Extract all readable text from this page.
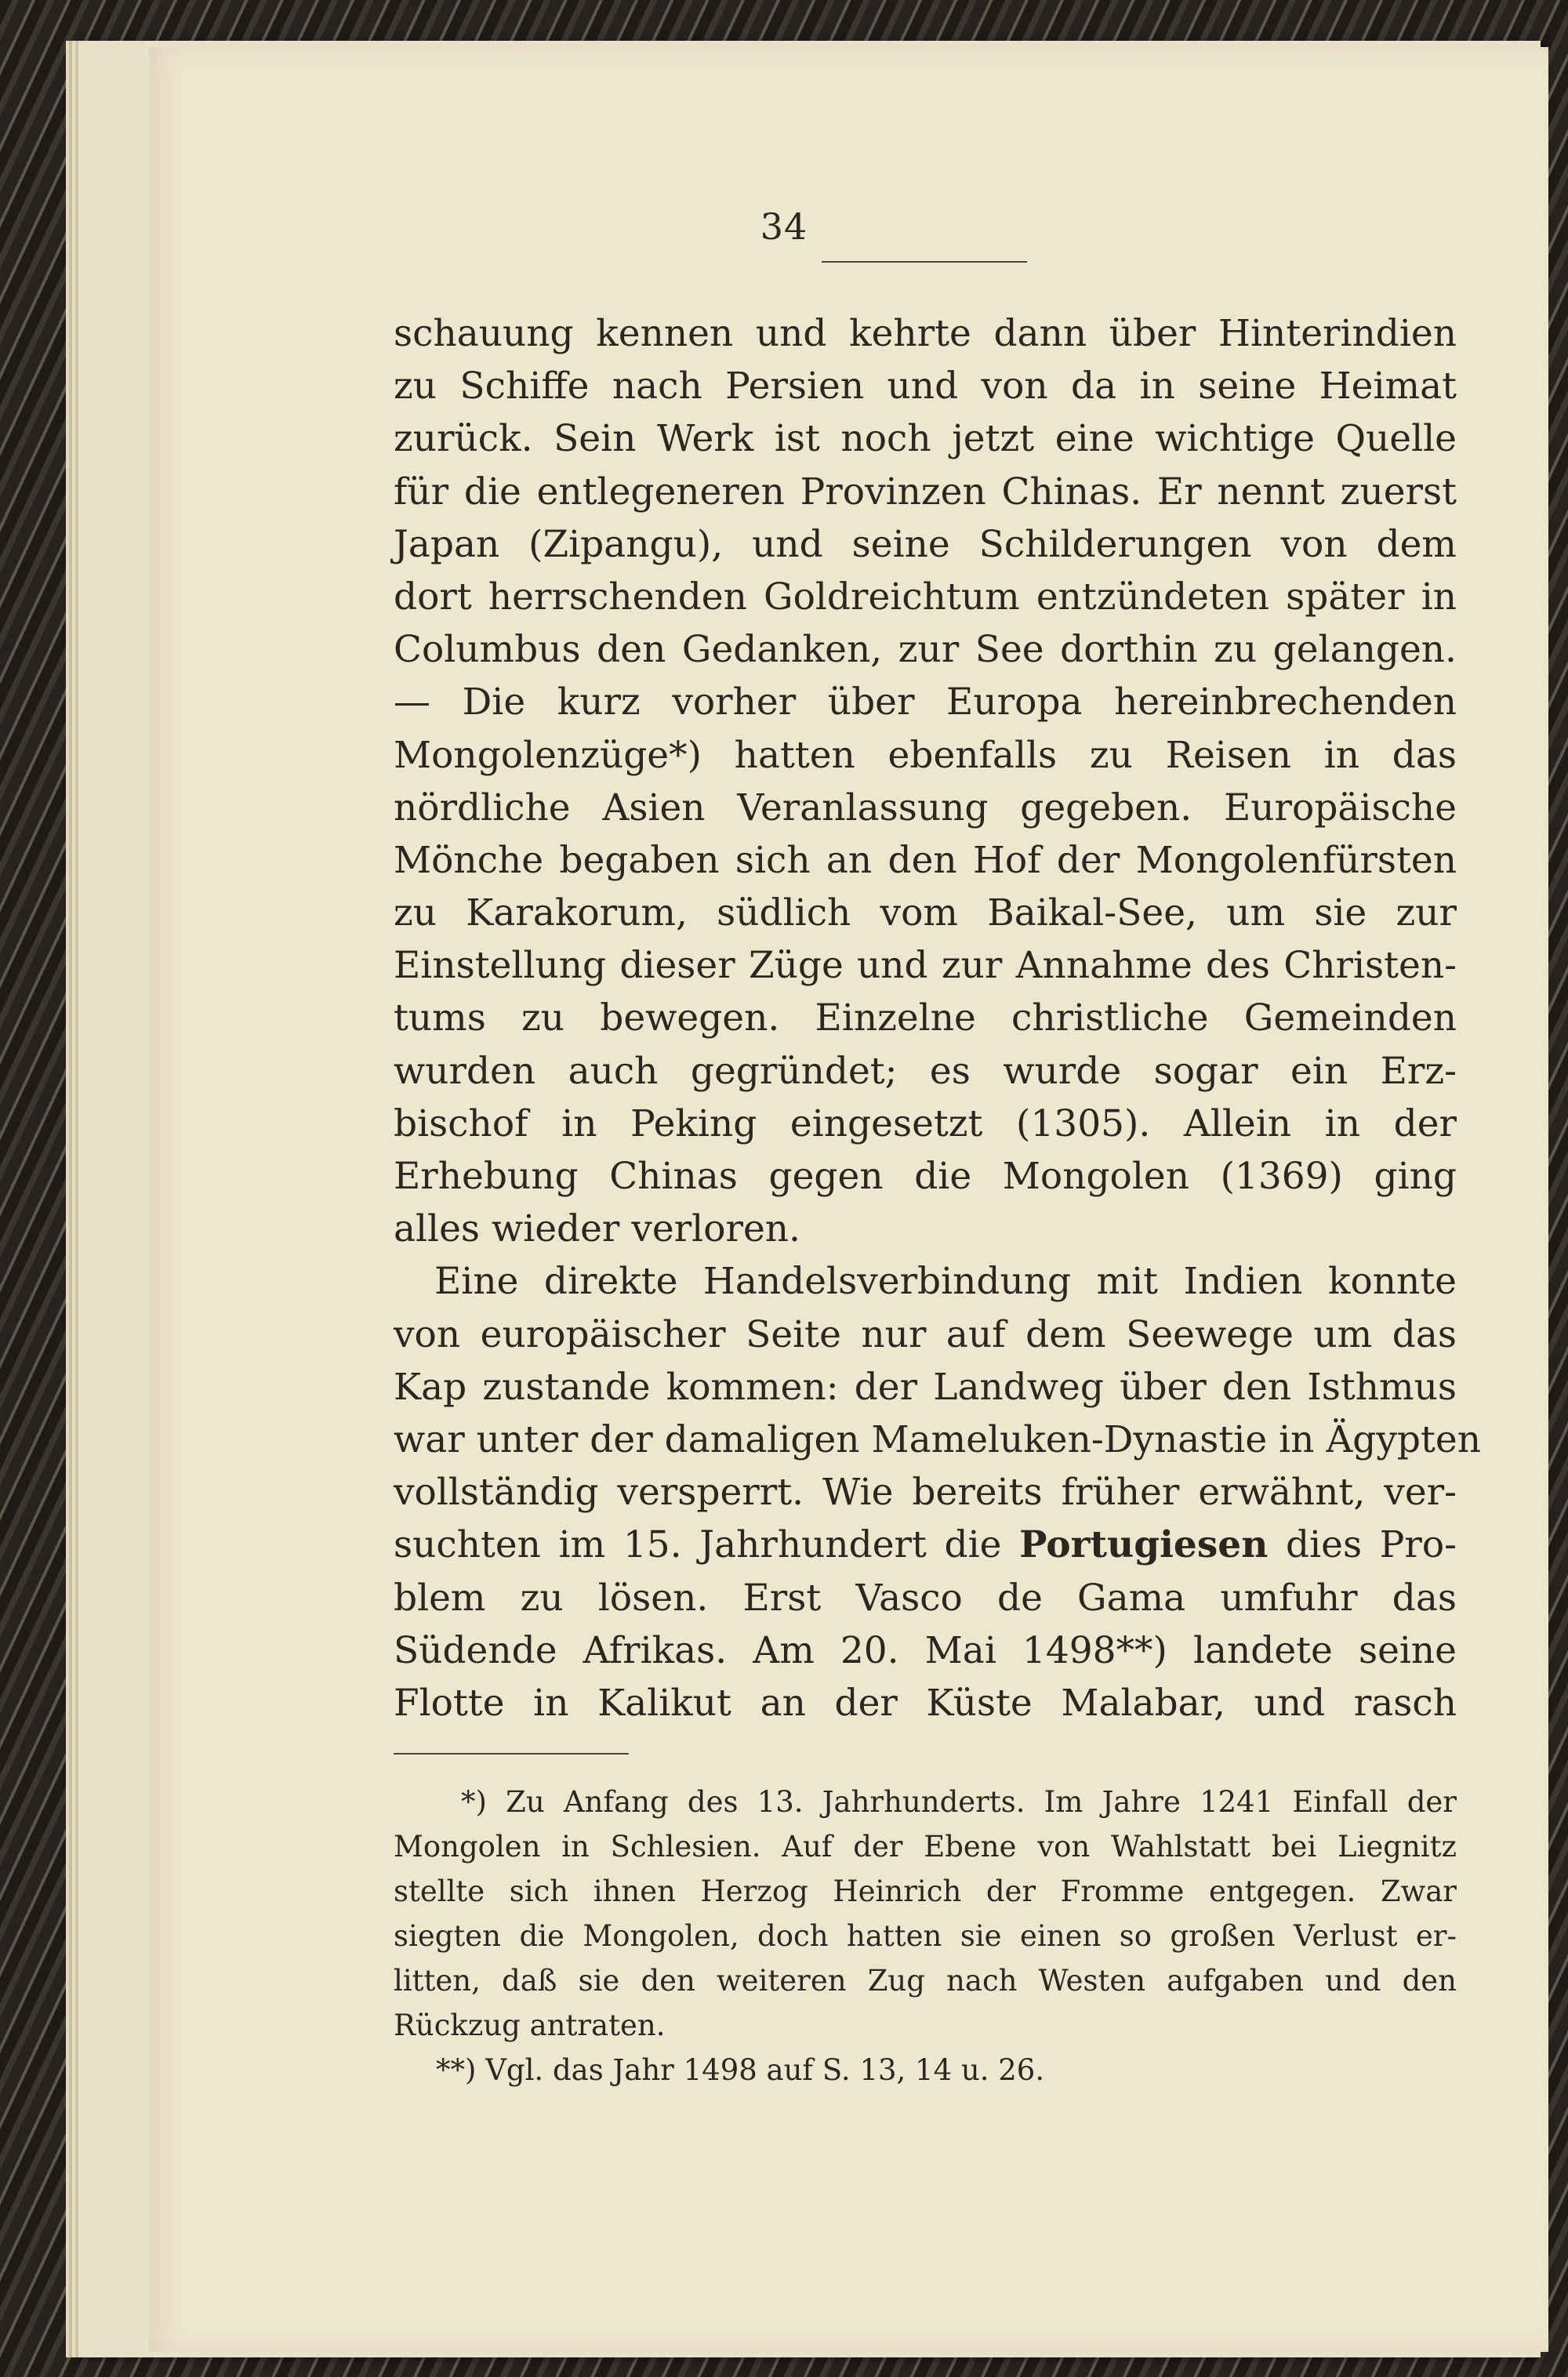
34
schauung kennen und kehrte dann über Hinterindien
zu Schiffe nach Persien und von da in seine Heimat
zurück. Sein Werk ist noch jetzt eine wichtige Quelle
für die entlegeneren Provinzen Chinas. Er nennt zuerst
Japan (Zipangu), und seine Schilderungen von dem
dort herrschenden Goldreichtum entzündeten später in
Columbus den Gedanken, zur See dorthin zu gelangen.
— Die kurz vorher über Europa hereinbrechenden
Mongolenzüge*) hatten ebenfalls zu Reisen in das
nördliche Asien Veranlassung gegeben. Europäische
Mönche begaben sich an den Hof der Mongolenfürsten
zu Karakorum, südlich vom Baikal-See, um sie zur
Einstellung dieser Züge und zur Annahme des Christen-
tums zu bewegen. Einzelne christliche Gemeinden
wurden auch gegründet; es wurde sogar ein Erz-
bischof in Peking eingesetzt (1305). Allein in der
Erhebung Chinas gegen die Mongolen (1369) ging
alles wieder verloren.
Eine direkte Handelsverbindung mit Indien konnte
von europäischer Seite nur auf dem Seewege um das
Kap zustande kommen: der Landweg über den Isthmus
war unter der damaligen Mameluken-Dynastie in Ägypten
vollständig versperrt. Wie bereits früher erwähnt, ver-
suchten im 15. Jahrhundert die Portugiesen dies Pro-
blem zu lösen. Erst Vasco de Gama umfuhr das
Südende Afrikas. Am 20. Mai 1498**) landete seine
Flotte in Kalikut an der Küste Malabar, und rasch
*) Zu Anfang des 13. Jahrhunderts. Im Jahre 1241 Einfall der
Mongolen in Schlesien. Auf der Ebene von Wahlstatt bei Liegnitz
stellte sich ihnen Herzog Heinrich der Fromme entgegen. Zwar
siegten die Mongolen, doch hatten sie einen so großen Verlust er-
litten, daß sie den weiteren Zug nach Westen aufgaben und den
Rückzug antraten.
**) Vgl. das Jahr 1498 auf S. 13, 14 u. 26.
